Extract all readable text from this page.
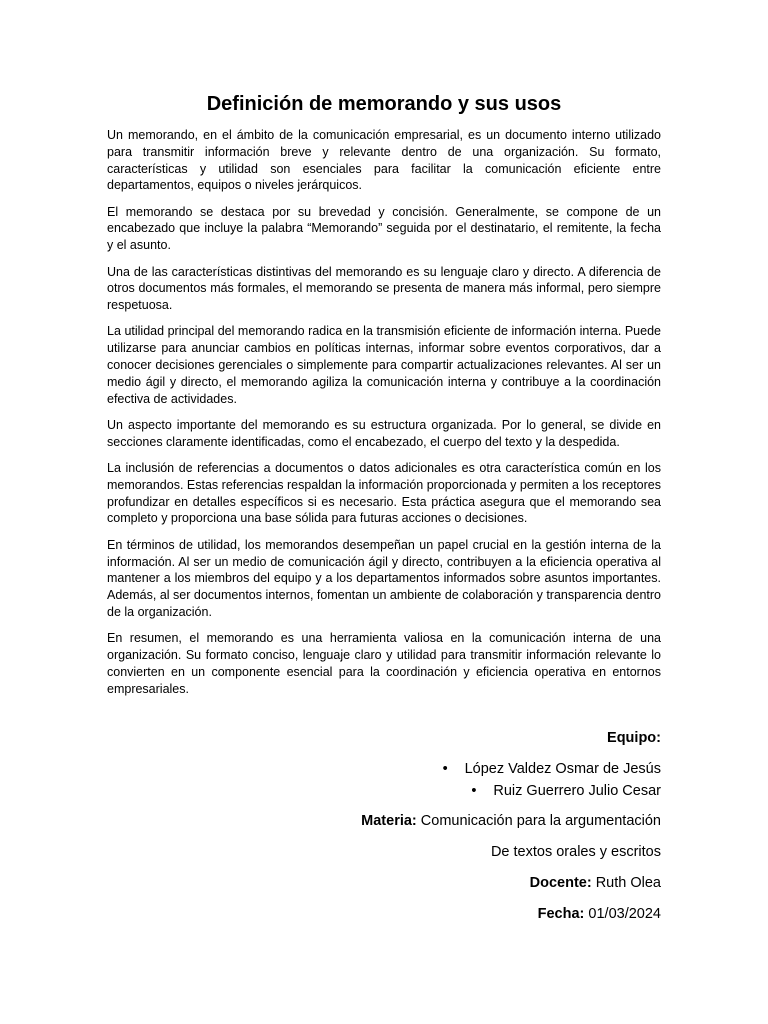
Definición de memorando y sus usos

Un memorando, en el ámbito de la comunicación empresarial, es un documento interno utilizado para transmitir información breve y relevante dentro de una organización. Su formato, características y utilidad son esenciales para facilitar la comunicación eficiente entre departamentos, equipos o niveles jerárquicos.

El memorando se destaca por su brevedad y concisión. Generalmente, se compone de un encabezado que incluye la palabra “Memorando” seguida por el destinatario, el remitente, la fecha y el asunto.

Una de las características distintivas del memorando es su lenguaje claro y directo. A diferencia de otros documentos más formales, el memorando se presenta de manera más informal, pero siempre respetuosa.

La utilidad principal del memorando radica en la transmisión eficiente de información interna. Puede utilizarse para anunciar cambios en políticas internas, informar sobre eventos corporativos, dar a conocer decisiones gerenciales o simplemente para compartir actualizaciones relevantes. Al ser un medio ágil y directo, el memorando agiliza la comunicación interna y contribuye a la coordinación efectiva de actividades.

Un aspecto importante del memorando es su estructura organizada. Por lo general, se divide en secciones claramente identificadas, como el encabezado, el cuerpo del texto y la despedida.

La inclusión de referencias a documentos o datos adicionales es otra característica común en los memorandos. Estas referencias respaldan la información proporcionada y permiten a los receptores profundizar en detalles específicos si es necesario. Esta práctica asegura que el memorando sea completo y proporciona una base sólida para futuras acciones o decisiones.

En términos de utilidad, los memorandos desempeñan un papel crucial en la gestión interna de la información. Al ser un medio de comunicación ágil y directo, contribuyen a la eficiencia operativa al mantener a los miembros del equipo y a los departamentos informados sobre asuntos importantes. Además, al ser documentos internos, fomentan un ambiente de colaboración y transparencia dentro de la organización.

En resumen, el memorando es una herramienta valiosa en la comunicación interna de una organización. Su formato conciso, lenguaje claro y utilidad para transmitir información relevante lo convierten en un componente esencial para la coordinación y eficiencia operativa en entornos empresariales.

Equipo:

• López Valdez Osmar de Jesús
• Ruiz Guerrero Julio Cesar

Materia: Comunicación para la argumentación

De textos orales y escritos

Docente: Ruth Olea

Fecha: 01/03/2024
